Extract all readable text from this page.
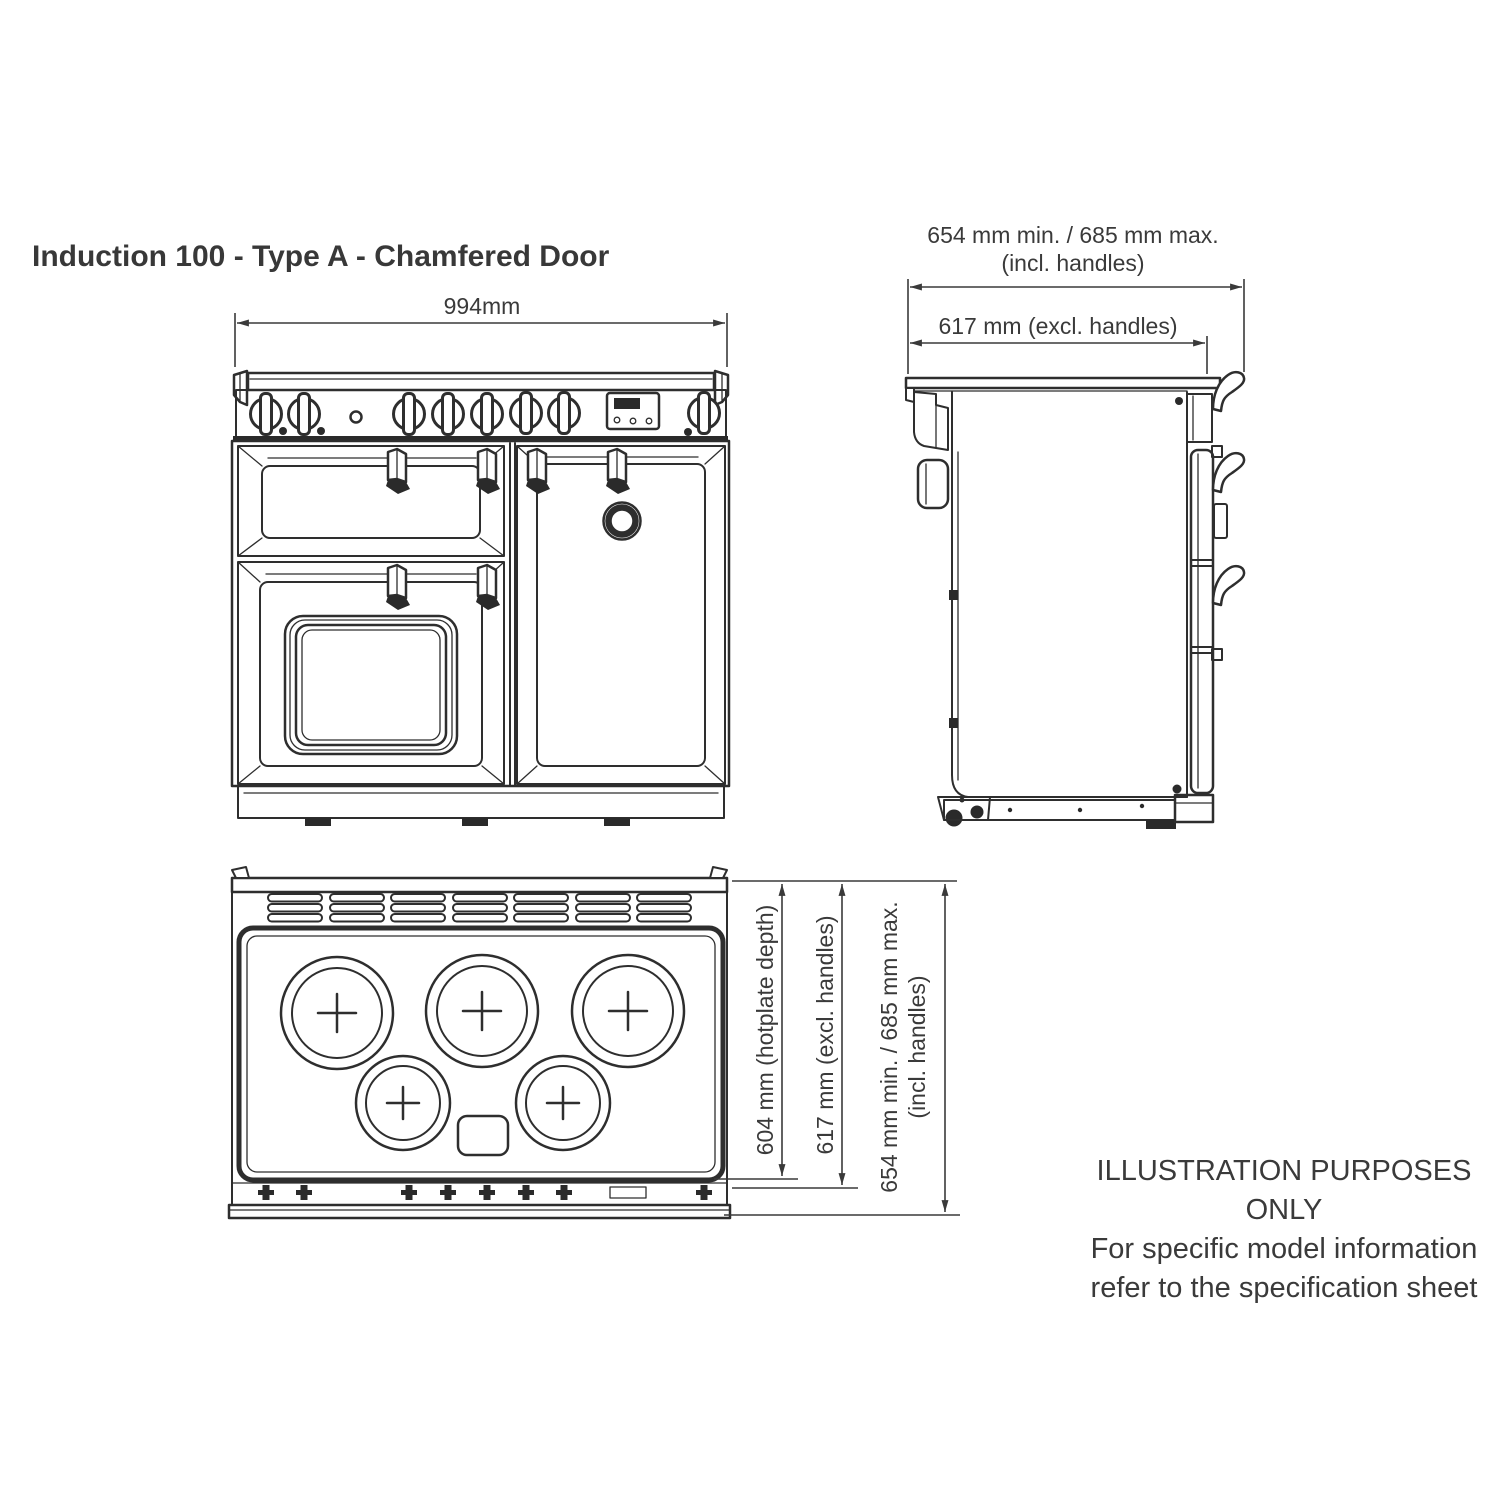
Induction 100 - Type A - Chamfered Door
994mm
654 mm min. / 685 mm max.
(incl. handles)
617 mm (excl. handles)
604 mm (hotplate depth) 617 mm (excl. handles) 654 mm min. / 685 mm max. (incl. handles)
ILLUSTRATION PURPOSES ONLY
For specific model information
refer to the specification sheet
